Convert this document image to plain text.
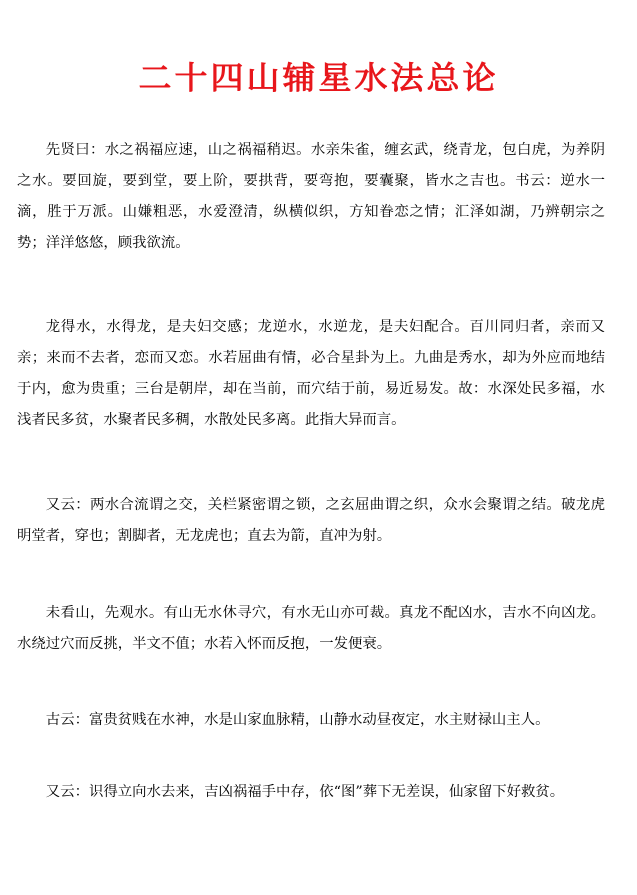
二十四山辅星水法总论

先贤曰：水之祸福应速，山之祸福稍迟。水亲朱雀，缠玄武，绕青龙，包白虎，为养阴之水。要回旋，要到堂，要上阶，要拱背，要弯抱，要囊聚，皆水之吉也。书云：逆水一滴，胜于万派。山嫌粗恶，水爱澄清，纵横似织，方知眷恋之情；汇泽如湖，乃辨朝宗之势；洋洋悠悠，顾我欲流。

龙得水，水得龙，是夫妇交感；龙逆水，水逆龙，是夫妇配合。百川同归者，亲而又亲；来而不去者，恋而又恋。水若屈曲有情，必合星卦为上。九曲是秀水，却为外应而地结于内，愈为贵重；三台是朝岸，却在当前，而穴结于前，易近易发。故：水深处民多福，水浅者民多贫，水聚者民多稠，水散处民多离。此指大异而言。

又云：两水合流谓之交，关栏紧密谓之锁，之玄屈曲谓之织，众水会聚谓之结。破龙虎明堂者，穿也；割脚者，无龙虎也；直去为箭，直冲为射。

未看山，先观水。有山无水休寻穴，有水无山亦可裁。真龙不配凶水，吉水不向凶龙。水绕过穴而反挑，半文不值；水若入怀而反抱，一发便衰。

古云：富贵贫贱在水神，水是山家血脉精，山静水动昼夜定，水主财禄山主人。

又云：识得立向水去来，吉凶祸福手中存，依“图”葬下无差误，仙家留下好救贫。
